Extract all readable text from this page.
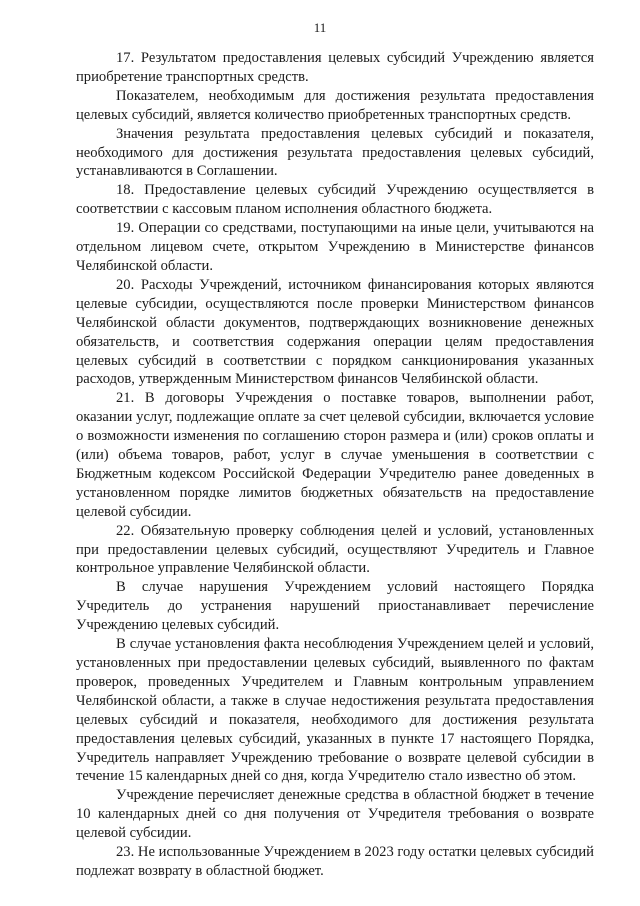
11

17. Результатом предоставления целевых субсидий Учреждению является приобретение транспортных средств.

Показателем, необходимым для достижения результата предоставления целевых субсидий, является количество приобретенных транспортных средств.

Значения результата предоставления целевых субсидий и показателя, необходимого для достижения результата предоставления целевых субсидий, устанавливаются в Соглашении.

18. Предоставление целевых субсидий Учреждению осуществляется в соответствии с кассовым планом исполнения областного бюджета.

19. Операции со средствами, поступающими на иные цели, учитываются на отдельном лицевом счете, открытом Учреждению в Министерстве финансов Челябинской области.

20. Расходы Учреждений, источником финансирования которых являются целевые субсидии, осуществляются после проверки Министерством финансов Челябинской области документов, подтверждающих возникновение денежных обязательств, и соответствия содержания операции целям предоставления целевых субсидий в соответствии с порядком санкционирования указанных расходов, утвержденным Министерством финансов Челябинской области.

21. В договоры Учреждения о поставке товаров, выполнении работ, оказании услуг, подлежащие оплате за счет целевой субсидии, включается условие о возможности изменения по соглашению сторон размера и (или) сроков оплаты и (или) объема товаров, работ, услуг в случае уменьшения в соответствии с Бюджетным кодексом Российской Федерации Учредителю ранее доведенных в установленном порядке лимитов бюджетных обязательств на предоставление целевой субсидии.

22. Обязательную проверку соблюдения целей и условий, установленных при предоставлении целевых субсидий, осуществляют Учредитель и Главное контрольное управление Челябинской области.

В случае нарушения Учреждением условий настоящего Порядка Учредитель до устранения нарушений приостанавливает перечисление Учреждению целевых субсидий.

В случае установления факта несоблюдения Учреждением целей и условий, установленных при предоставлении целевых субсидий, выявленного по фактам проверок, проведенных Учредителем и Главным контрольным управлением Челябинской области, а также в случае недостижения результата предоставления целевых субсидий и показателя, необходимого для достижения результата предоставления целевых субсидий, указанных в пункте 17 настоящего Порядка, Учредитель направляет Учреждению требование о возврате целевой субсидии в течение 15 календарных дней со дня, когда Учредителю стало известно об этом.

Учреждение перечисляет денежные средства в областной бюджет в течение 10 календарных дней со дня получения от Учредителя требования о возврате целевой субсидии.

23. Не использованные Учреждением в 2023 году остатки целевых субсидий подлежат возврату в областной бюджет.
